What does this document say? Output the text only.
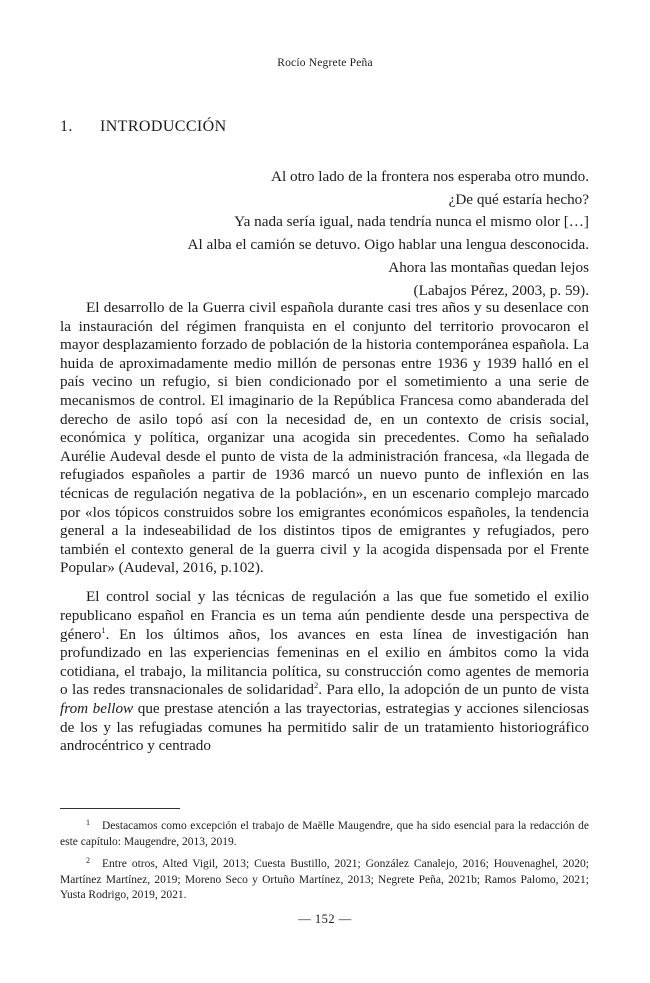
Rocío Negrete Peña
1. INTRODUCCIÓN
Al otro lado de la frontera nos esperaba otro mundo.
¿De qué estaría hecho?
Ya nada sería igual, nada tendría nunca el mismo olor […]
Al alba el camión se detuvo. Oigo hablar una lengua desconocida.
Ahora las montañas quedan lejos
(Labajos Pérez, 2003, p. 59).

El desarrollo de la Guerra civil española durante casi tres años y su desenlace con la instauración del régimen franquista en el conjunto del territorio provocaron el mayor desplazamiento forzado de población de la historia contemporánea española. La huida de aproximadamente medio millón de personas entre 1936 y 1939 halló en el país vecino un refugio, si bien condicionado por el sometimiento a una serie de mecanismos de control. El imaginario de la República Francesa como abanderada del derecho de asilo topó así con la necesidad de, en un contexto de crisis social, económica y política, organizar una acogida sin precedentes. Como ha señalado Aurélie Audeval desde el punto de vista de la administración francesa, «la llegada de refugiados españoles a partir de 1936 marcó un nuevo punto de inflexión en las técnicas de regulación negativa de la población», en un escenario complejo marcado por «los tópicos construidos sobre los emigrantes económicos españoles, la tendencia general a la indeseabilidad de los distintos tipos de emigrantes y refugiados, pero también el contexto general de la guerra civil y la acogida dispensada por el Frente Popular» (Audeval, 2016, p.102).

El control social y las técnicas de regulación a las que fue sometido el exilio republicano español en Francia es un tema aún pendiente desde una perspectiva de género$^1$. En los últimos años, los avances en esta línea de investigación han profundizado en las experiencias femeninas en el exilio en ámbitos como la vida cotidiana, el trabajo, la militancia política, su construcción como agentes de memoria o las redes transnacionales de solidaridad$^2$. Para ello, la adopción de un punto de vista from bellow que prestase atención a las trayectorias, estrategias y acciones silenciosas de los y las refugiadas comunes ha permitido salir de un tratamiento historiográfico androcéntrico y centrado

$^1$ Destacamos como excepción el trabajo de Maëlle Maugendre, que ha sido esencial para la redacción de este capítulo: Maugendre, 2013, 2019.

$^2$ Entre otros, Alted Vigil, 2013; Cuesta Bustillo, 2021; González Canalejo, 2016; Houvenaghel, 2020; Martínez Martínez, 2019; Moreno Seco y Ortuño Martínez, 2013; Negrete Peña, 2021b; Ramos Palomo, 2021; Yusta Rodrigo, 2019, 2021.

— 152 —
